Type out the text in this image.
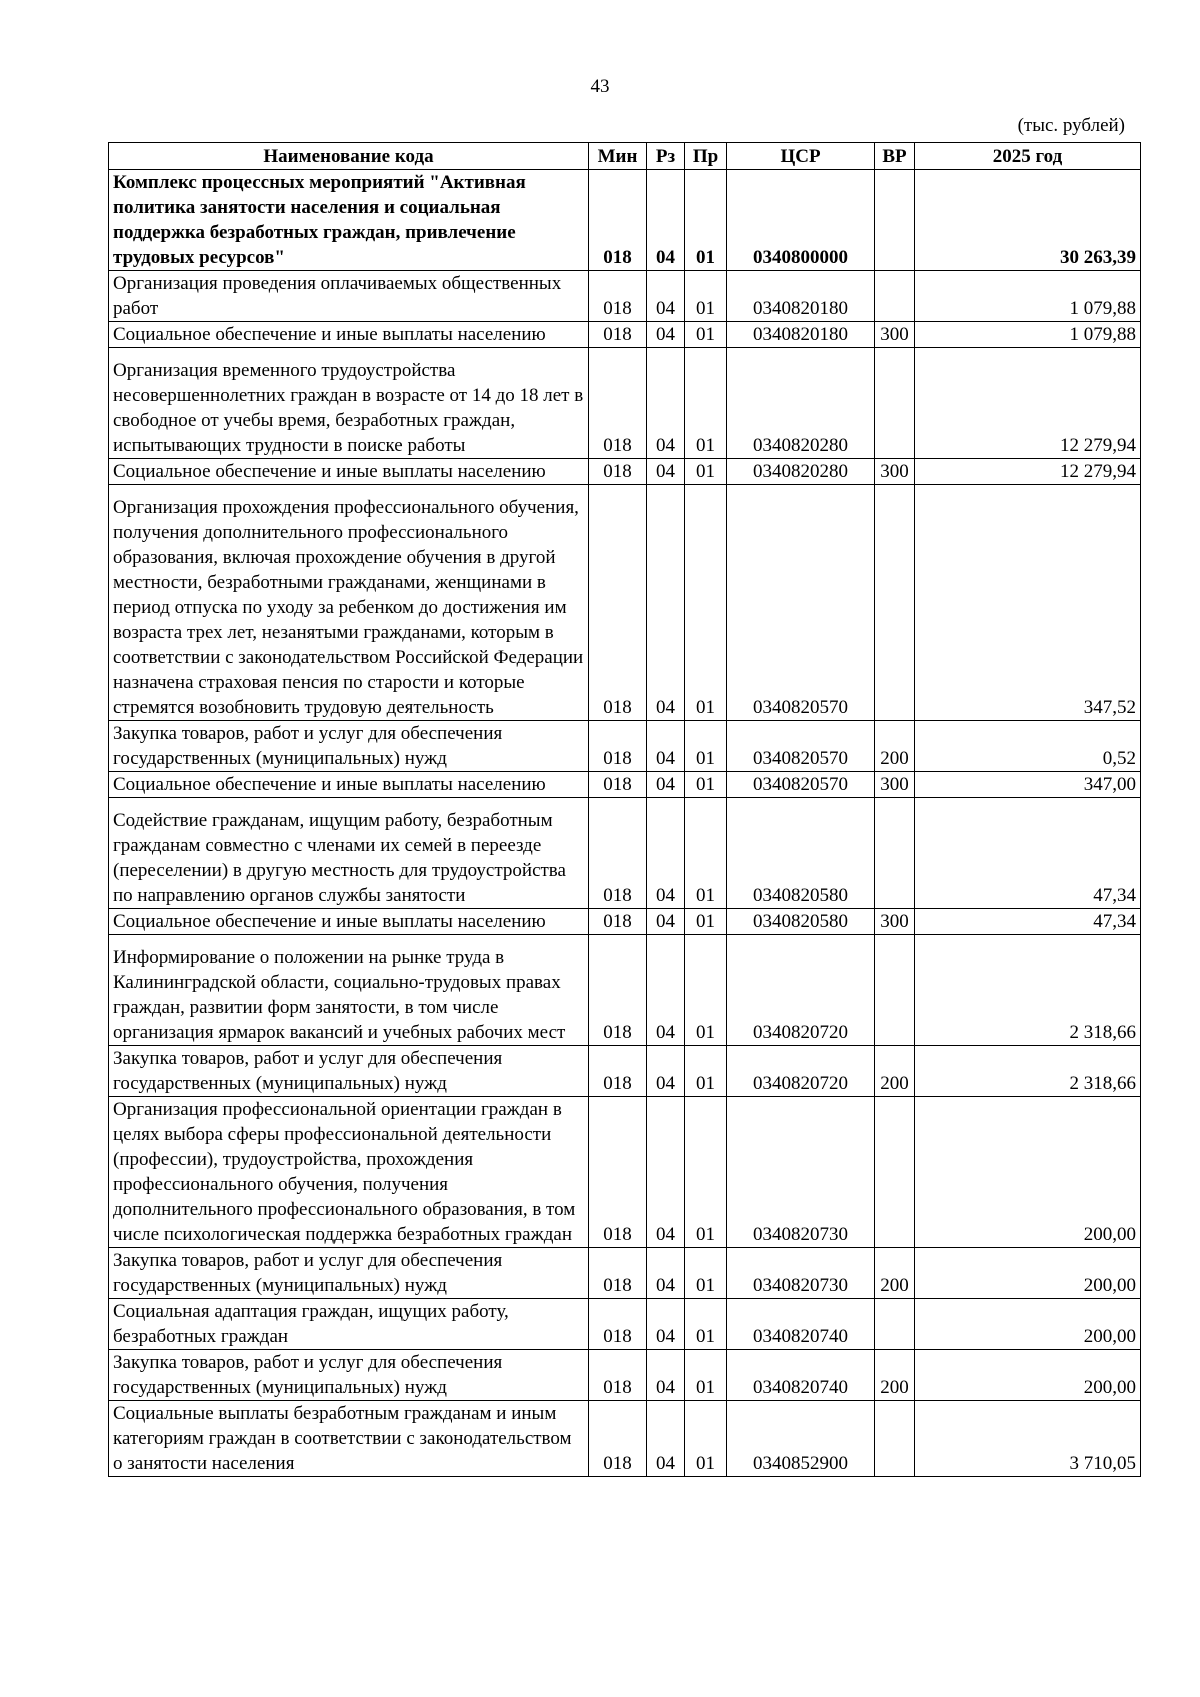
43
(тыс. рублей)
Наименование кода	Мин	Рз	Пр	ЦСР	ВР	2025 год
Комплекс процессных мероприятий "Активная политика занятости населения и социальная поддержка безработных граждан, привлечение трудовых ресурсов"	018	04	01	0340800000		30 263,39
Организация проведения оплачиваемых общественных работ	018	04	01	0340820180		1 079,88
Социальное обеспечение и иные выплаты населению	018	04	01	0340820180	300	1 079,88
Организация временного трудоустройства несовершеннолетних граждан в возрасте от 14 до 18 лет в свободное от учебы время, безработных граждан, испытывающих трудности в поиске работы	018	04	01	0340820280		12 279,94
Социальное обеспечение и иные выплаты населению	018	04	01	0340820280	300	12 279,94
Организация прохождения профессионального обучения, получения дополнительного профессионального образования, включая прохождение обучения в другой местности, безработными гражданами, женщинами в период отпуска по уходу за ребенком до достижения им возраста трех лет, незанятыми гражданами, которым в соответствии с законодательством Российской Федерации назначена страховая пенсия по старости и которые стремятся возобновить трудовую деятельность	018	04	01	0340820570		347,52
Закупка товаров, работ и услуг для обеспечения государственных (муниципальных) нужд	018	04	01	0340820570	200	0,52
Социальное обеспечение и иные выплаты населению	018	04	01	0340820570	300	347,00
Содействие гражданам, ищущим работу, безработным гражданам совместно с членами их семей в переезде (переселении) в другую местность для трудоустройства по направлению органов службы занятости	018	04	01	0340820580		47,34
Социальное обеспечение и иные выплаты населению	018	04	01	0340820580	300	47,34
Информирование о положении на рынке труда в Калининградской области, социально-трудовых правах граждан, развитии форм занятости, в том числе организация ярмарок вакансий и учебных рабочих мест	018	04	01	0340820720		2 318,66
Закупка товаров, работ и услуг для обеспечения государственных (муниципальных) нужд	018	04	01	0340820720	200	2 318,66
Организация профессиональной ориентации граждан в целях выбора сферы профессиональной деятельности (профессии), трудоустройства, прохождения профессионального обучения, получения дополнительного профессионального образования, в том числе психологическая поддержка безработных граждан	018	04	01	0340820730		200,00
Закупка товаров, работ и услуг для обеспечения государственных (муниципальных) нужд	018	04	01	0340820730	200	200,00
Социальная адаптация граждан, ищущих работу, безработных граждан	018	04	01	0340820740		200,00
Закупка товаров, работ и услуг для обеспечения государственных (муниципальных) нужд	018	04	01	0340820740	200	200,00
Социальные выплаты безработным гражданам и иным категориям граждан в соответствии с законодательством о занятости населения	018	04	01	0340852900		3 710,05
